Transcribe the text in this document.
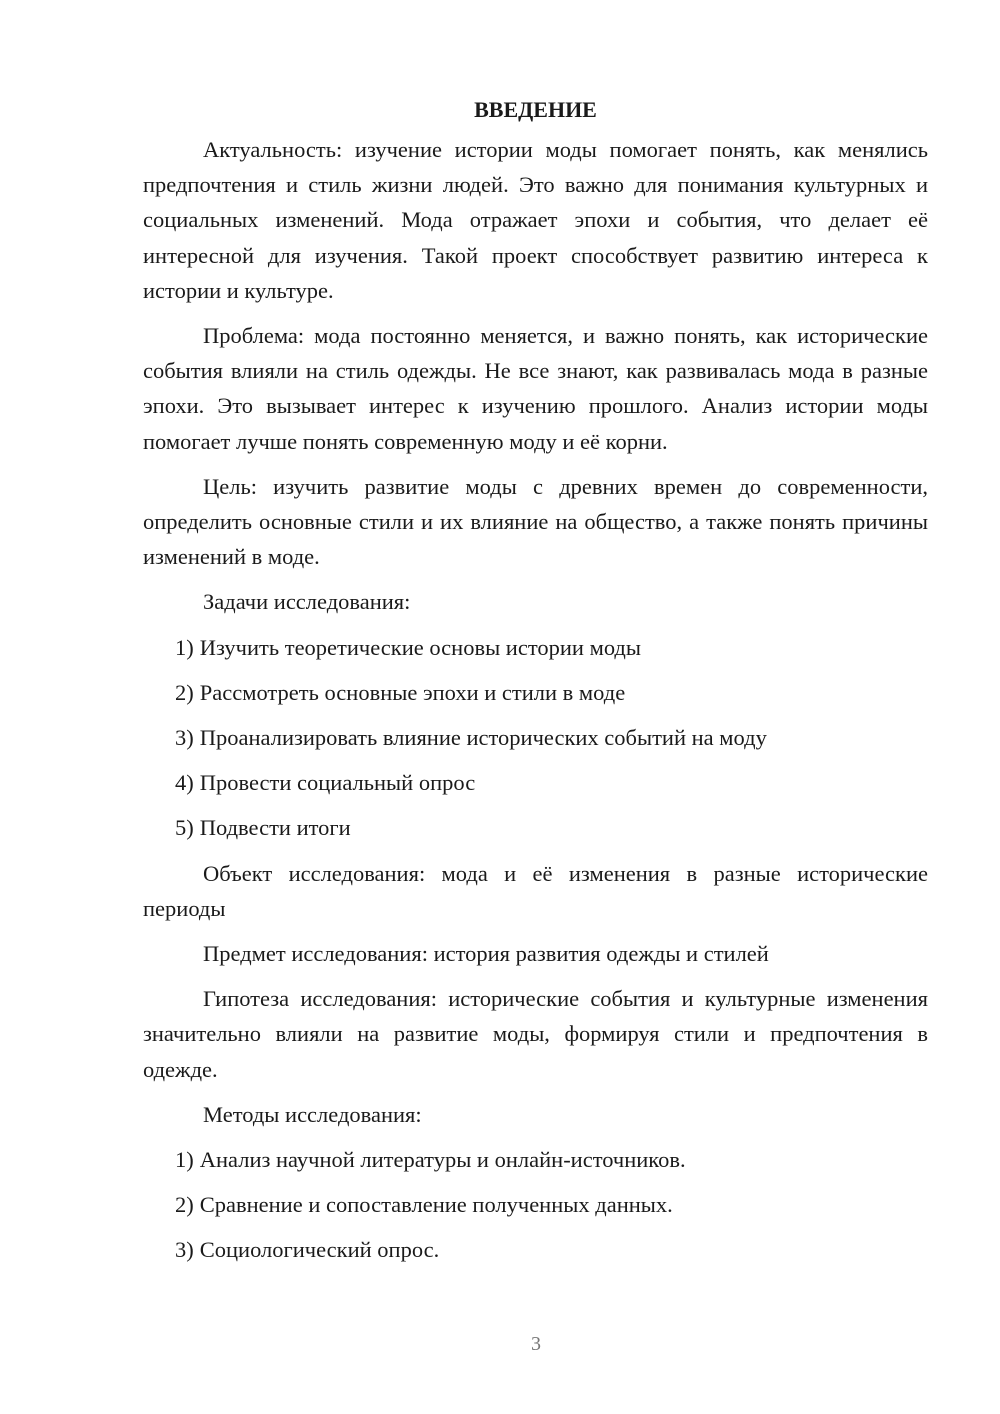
ВВЕДЕНИЕ

Актуальность: изучение истории моды помогает понять, как менялись предпочтения и стиль жизни людей. Это важно для понимания культурных и социальных изменений. Мода отражает эпохи и события, что делает её интересной для изучения. Такой проект способствует развитию интереса к истории и культуре.

Проблема: мода постоянно меняется, и важно понять, как исторические события влияли на стиль одежды. Не все знают, как развивалась мода в разные эпохи. Это вызывает интерес к изучению прошлого. Анализ истории моды помогает лучше понять современную моду и её корни.

Цель: изучить развитие моды с древних времен до современности, определить основные стили и их влияние на общество, а также понять причины изменений в моде.

Задачи исследования:

1) Изучить теоретические основы истории моды
2) Рассмотреть основные эпохи и стили в моде
3) Проанализировать влияние исторических событий на моду
4) Провести социальный опрос
5) Подвести итоги

Объект исследования: мода и её изменения в разные исторические периоды

Предмет исследования: история развития одежды и стилей

Гипотеза исследования: исторические события и культурные изменения значительно влияли на развитие моды, формируя стили и предпочтения в одежде.

Методы исследования:

1) Анализ научной литературы и онлайн-источников.
2) Сравнение и сопоставление полученных данных.
3) Социологический опрос.
3
